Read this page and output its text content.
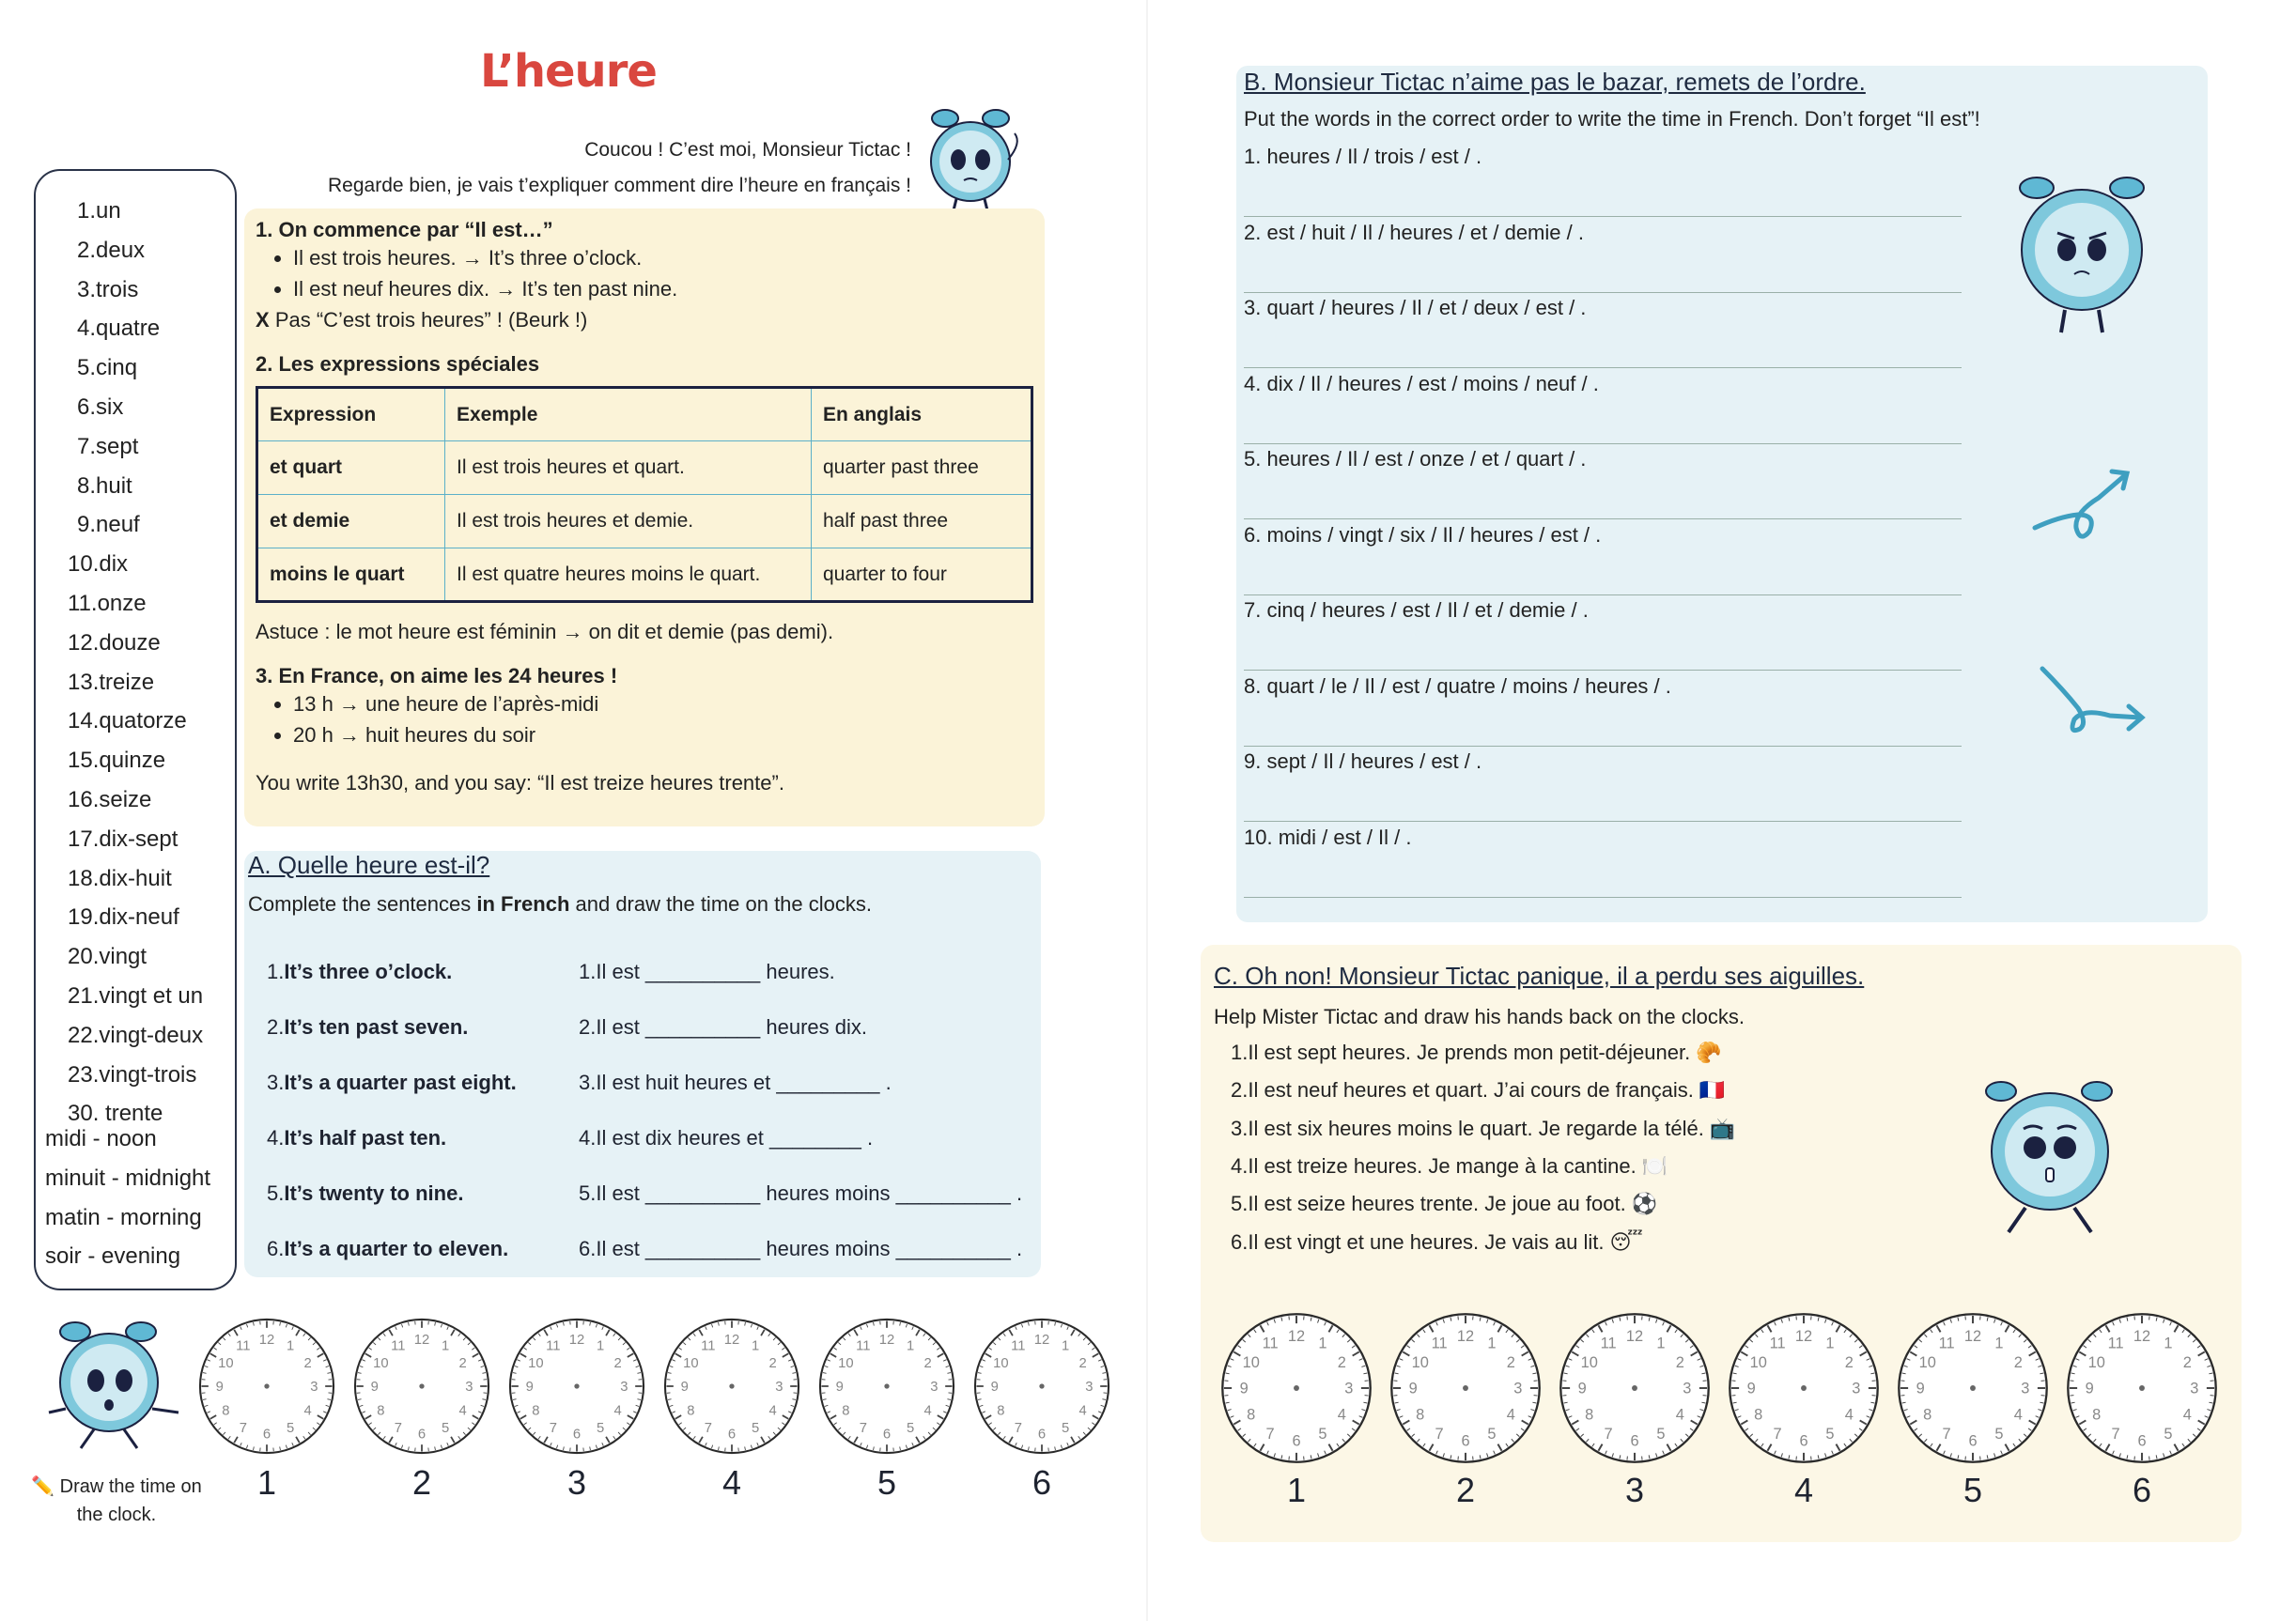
L’heure
Coucou ! C’est moi, Monsieur Tictac !
Regarde bien, je vais t’expliquer comment dire l’heure en français !
1.un
2.deux
3.trois
4.quatre
5.cinq
6.six
7.sept
8.huit
9.neuf
10.dix
11.onze
12.douze
13.treize
14.quatorze
15.quinze
16.seize
17.dix-sept
18.dix-huit
19.dix-neuf
20.vingt
21.vingt et un
22.vingt-deux
23.vingt-trois
30. trente
midi - noon
minuit - midnight
matin - morning
soir - evening
1. On commence par “Il est…”
• Il est trois heures. → It’s three o’clock.
• Il est neuf heures dix. → It’s ten past nine.
X Pas “C’est trois heures” ! (Beurk !)
2. Les expressions spéciales
Expression	Exemple	En anglais
et quart	Il est trois heures et quart.	quarter past three
et demie	Il est trois heures et demie.	half past three
moins le quart	Il est quatre heures moins le quart.	quarter to four
Astuce : le mot heure est féminin → on dit et demie (pas demi).
3. En France, on aime les 24 heures !
• 13 h → une heure de l’après-midi
• 20 h → huit heures du soir
You write 13h30, and you say: “Il est treize heures trente”.
A. Quelle heure est-il?
Complete the sentences in French and draw the time on the clocks.
1.It’s three o’clock.	1.Il est __________ heures.
2.It’s ten past seven.	2.Il est __________ heures dix.
3.It’s a quarter past eight.	3.Il est huit heures et _________ .
4.It’s half past ten.	4.Il est dix heures et ________ .
5.It’s twenty to nine.	5.Il est __________ heures moins __________ .
6.It’s a quarter to eleven.	6.Il est __________ heures moins __________ .
✏️ Draw the time on the clock.
1
2
3
4
5
6
7
8
9
10
11 12
1
1
2
3
4
5
6
7
8
9
10
11 12
2
1
2
3
4
5
6
7
8
9
10
11 12
3
1
2
3
4
5
6
7
8
9
10
11 12
4
1
2
3
4
5
6
7
8
9
10
11 12
5
1
2
3
4
5
6
7
8
9
10
11 12
6
B. Monsieur Tictac n’aime pas le bazar, remets de l’ordre.
Put the words in the correct order to write the time in French. Don’t forget “Il est”!
1. heures / Il / trois / est / .
2. est / huit / Il / heures / et / demie / .
3. quart / heures / Il / et / deux / est / .
4. dix / Il / heures / est / moins / neuf / .
5. heures / Il / est / onze / et / quart / .
6. moins / vingt / six / Il / heures / est / .
7. cinq / heures / est / Il / et / demie / .
8. quart / le / Il / est / quatre / moins / heures / .
9. sept / Il / heures / est / .
10. midi / est / Il / .
C. Oh non! Monsieur Tictac panique, il a perdu ses aiguilles.
Help Mister Tictac and draw his hands back on the clocks.
1.Il est sept heures. Je prends mon petit-déjeuner. 🥐
2.Il est neuf heures et quart. J’ai cours de français. 🇫🇷
3.Il est six heures moins le quart. Je regarde la télé. 📺
4.Il est treize heures. Je mange à la cantine. 🍽️
5.Il est seize heures trente. Je joue au foot. ⚽
6.Il est vingt et une heures. Je vais au lit. 😴
1
2
3
4
5
6
7
8
9
10
11 12
1
1
2
3
4
5
6
7
8
9
10
11 12
2
1
2
3
4
5
6
7
8
9
10
11 12
3
1
2
3
4
5
6
7
8
9
10
11 12
4
1
2
3
4
5
6
7
8
9
10
11 12
5
1
2
3
4
5
6
7
8
9
10
11 12
6
